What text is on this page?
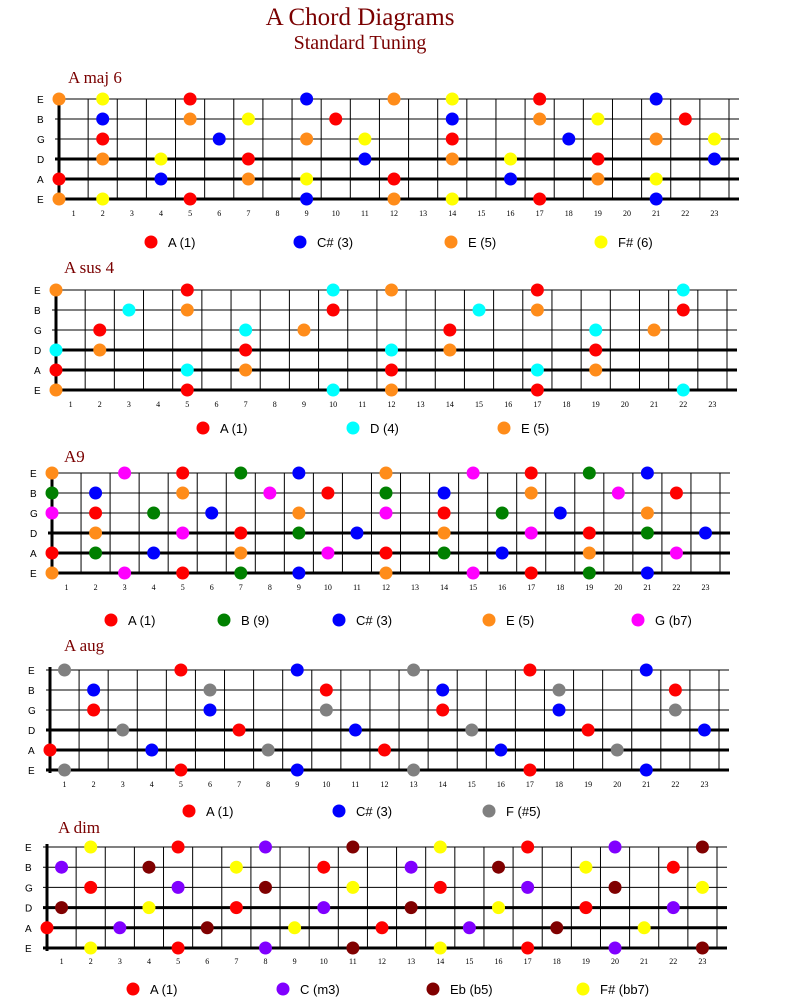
A Chord Diagrams
Standard Tuning
A maj 6
E
B
G
D
A
E
1	2	3	4	5	6	7	8	9	10	11	12	13	14	15	16	17	18	19	20	21	22	23
A (1)	C# (3)	E (5)	F# (6)
A sus 4
E
B
G
D
A
E
1	2	3	4	5	6	7	8	9	10	11	12	13	14	15	16	17	18	19	20	21	22	23
A (1)	D (4)	E (5)
A9
E
B
G
D
A
E
1	2	3	4	5	6	7	8	9	10	11	12	13	14	15	16	17	18	19	20	21	22	23
A (1)	B (9)	C# (3)	E (5)	G (b7)
A aug
E
B
G
D
A
E
1	2	3	4	5	6	7	8	9	10	11	12	13	14	15	16	17	18	19	20	21	22	23
A (1)	C# (3)	F (#5)
A dim
E
B
G
D
A
E
1	2	3	4	5	6	7	8	9	10	11	12	13	14	15	16	17	18	19	20	21	22	23
A (1)	C (m3)	Eb (b5)	F# (bb7)
